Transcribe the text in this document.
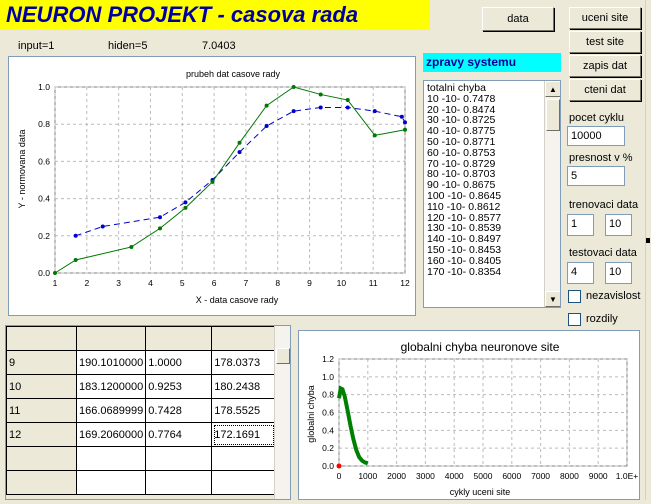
NEURON PROJEKT - casova rada	data	uceni site
test site
zapis dat
cteni dat
input=1	hiden=5	7.0403
prubeh dat casove rady
X - data casove rady
Y - normovana data
1	2	3	4	5	6	7	8	9	10	11	12
0.0
0.2
0.4
0.6
0.8
1.0
zpravy systemu
totalni chyba
10 -10- 0.7478
20 -10- 0.8474
30 -10- 0.8725
40 -10- 0.8775
50 -10- 0.8771
60 -10- 0.8753
70 -10- 0.8729
80 -10- 0.8703
90 -10- 0.8675
100 -10- 0.8645
110 -10- 0.8612
120 -10- 0.8577
130 -10- 0.8539
140 -10- 0.8497
150 -10- 0.8453
160 -10- 0.8405
170 -10- 0.8354
▲
▼
pocet cyklu
10000
presnost v %
5
trenovaci data
1	10
testovaci data
4	10
nezavislost
rozdily

9	190.1010000	1.0000	178.0373
10	183.1200000	0.9253	180.2438
11	166.0689999	0.7428	178.5525
12	169.2060000	0.7764	172.1691

globalni chyba neuronove site
cykly uceni site
globalni chyba
0 1000 2000 3000 4000 5000 6000 7000 8000 9000 1.0E+
0.0
0.2
0.4
0.6
0.8
1.0
1.2
